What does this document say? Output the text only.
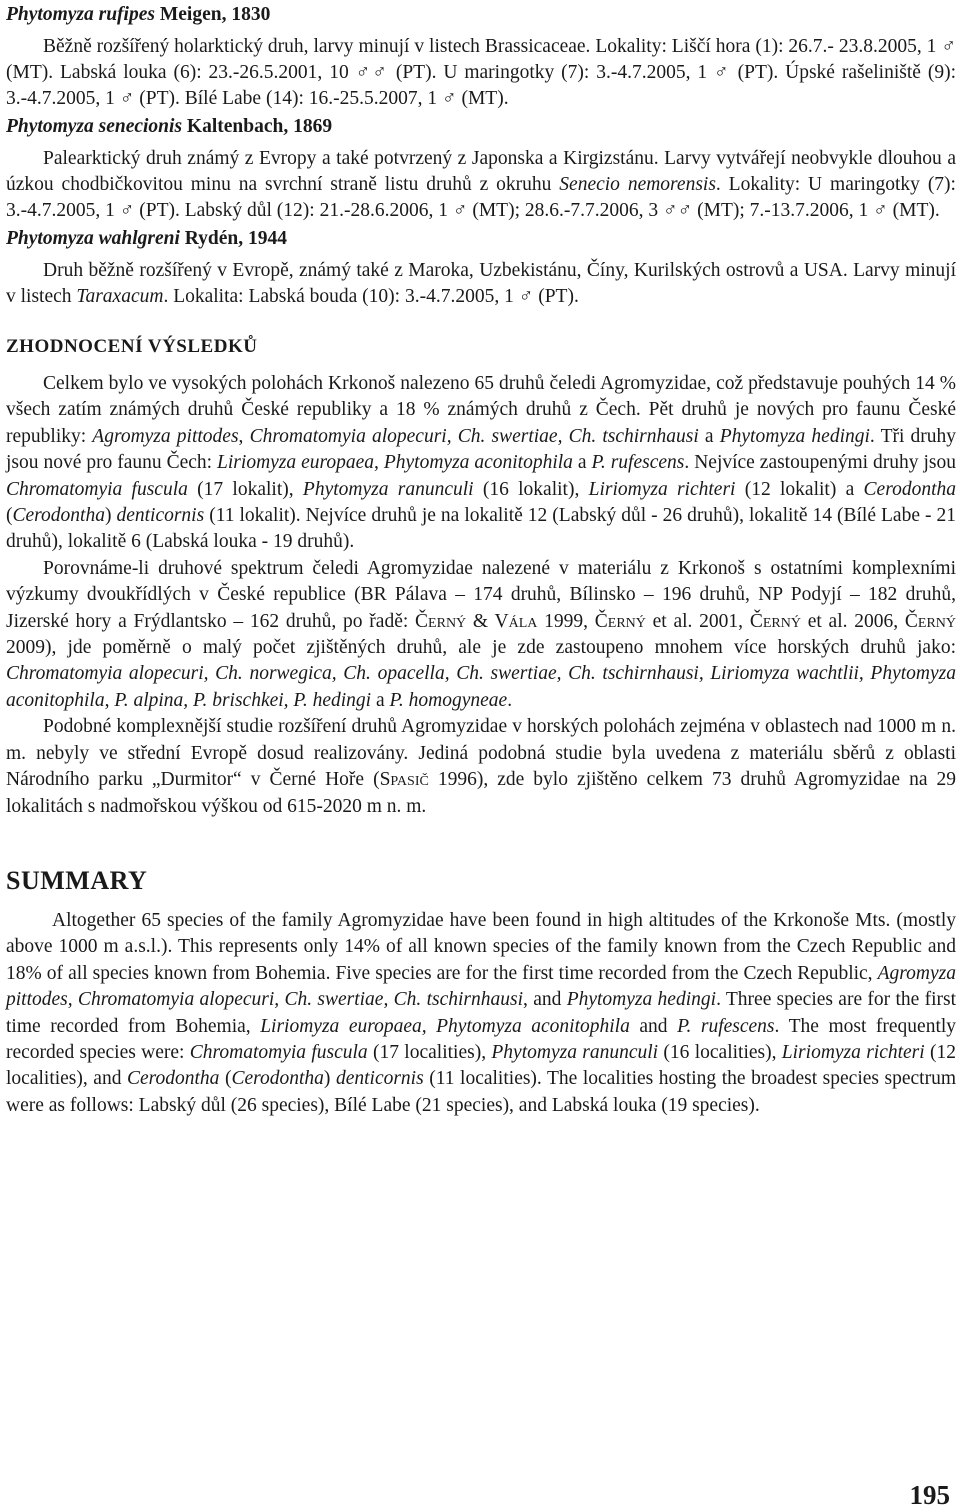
Phytomyza rufipes Meigen, 1830

Běžně rozšířený holarktický druh, larvy minují v listech Brassicaceae. Lokality: Liščí hora (1): 26.7.- 23.8.2005, 1 ♂ (MT). Labská louka (6): 23.-26.5.2001, 10 ♂♂ (PT). U maringotky (7): 3.-4.7.2005, 1 ♂ (PT). Úpské rašeliniště (9): 3.-4.7.2005, 1 ♂ (PT). Bílé Labe (14): 16.-25.5.2007, 1 ♂ (MT).

Phytomyza senecionis Kaltenbach, 1869

Palearktický druh známý z Evropy a také potvrzený z Japonska a Kirgizstánu. Larvy vytvářejí neobvykle dlouhou a úzkou chodbičkovitou minu na svrchní straně listu druhů z okruhu Senecio nemorensis. Lokality: U maringotky (7): 3.-4.7.2005, 1 ♂ (PT). Labský důl (12): 21.-28.6.2006, 1 ♂ (MT); 28.6.-7.7.2006, 3 ♂♂ (MT); 7.-13.7.2006, 1 ♂ (MT).

Phytomyza wahlgreni Rydén, 1944

Druh běžně rozšířený v Evropě, známý také z Maroka, Uzbekistánu, Číny, Kurilských ostrovů a USA. Larvy minují v listech Taraxacum. Lokalita: Labská bouda (10): 3.-4.7.2005, 1 ♂ (PT).

ZHODNOCENÍ VÝSLEDKŮ

Celkem bylo ve vysokých polohách Krkonoš nalezeno 65 druhů čeledi Agromyzidae, což představuje pouhých 14 % všech zatím známých druhů České republiky a 18 % známých druhů z Čech. Pět druhů je nových pro faunu České republiky: Agromyza pittodes, Chromatomyia alopecuri, Ch. swertiae, Ch. tschirnhausi a Phytomyza hedingi. Tři druhy jsou nové pro faunu Čech: Liriomyza europaea, Phytomyza aconitophila a P. rufescens. Nejvíce zastoupenými druhy jsou Chromatomyia fuscula (17 lokalit), Phytomyza ranunculi (16 lokalit), Liriomyza richteri (12 lokalit) a Cerodontha (Cerodontha) denticornis (11 lokalit). Nejvíce druhů je na lokalitě 12 (Labský důl - 26 druhů), lokalitě 14 (Bílé Labe - 21 druhů), lokalitě 6 (Labská louka - 19 druhů).

Porovnáme-li druhové spektrum čeledi Agromyzidae nalezené v materiálu z Krkonoš s ostatními komplexními výzkumy dvoukřídlých v České republice (BR Pálava – 174 druhů, Bílinsko – 196 druhů, NP Podyjí – 182 druhů, Jizerské hory a Frýdlantsko – 162 druhů, po řadě: Černý & Vála 1999, Černý et al. 2001, Černý et al. 2006, Černý 2009), jde poměrně o malý počet zjištěných druhů, ale je zde zastoupeno mnohem více horských druhů jako: Chromatomyia alopecuri, Ch. norwegica, Ch. opacella, Ch. swertiae, Ch. tschirnhausi, Liriomyza wachtlii, Phytomyza aconitophila, P. alpina, P. brischkei, P. hedingi a P. homogyneae.

Podobné komplexnější studie rozšíření druhů Agromyzidae v horských polohách zejména v oblastech nad 1000 m n. m. nebyly ve střední Evropě dosud realizovány. Jediná podobná studie byla uvedena z materiálu sběrů z oblasti Národního parku „Durmitor“ v Černé Hoře (Spasič 1996), zde bylo zjištěno celkem 73 druhů Agromyzidae na 29 lokalitách s nadmořskou výškou od 615-2020 m n. m.

SUMMARY

Altogether 65 species of the family Agromyzidae have been found in high altitudes of the Krkonoše Mts. (mostly above 1000 m a.s.l.). This represents only 14% of all known species of the family known from the Czech Republic and 18% of all species known from Bohemia. Five species are for the first time recorded from the Czech Republic, Agromyza pittodes, Chromatomyia alopecuri, Ch. swertiae, Ch. tschirnhausi, and Phytomyza hedingi. Three species are for the first time recorded from Bohemia, Liriomyza europaea, Phytomyza aconitophila and P. rufescens. The most frequently recorded species were: Chromatomyia fuscula (17 localities), Phytomyza ranunculi (16 localities), Liriomyza richteri (12 localities), and Cerodontha (Cerodontha) denticornis (11 localities). The localities hosting the broadest species spectrum were as follows: Labský důl (26 species), Bílé Labe (21 species), and Labská louka (19 species).

195
